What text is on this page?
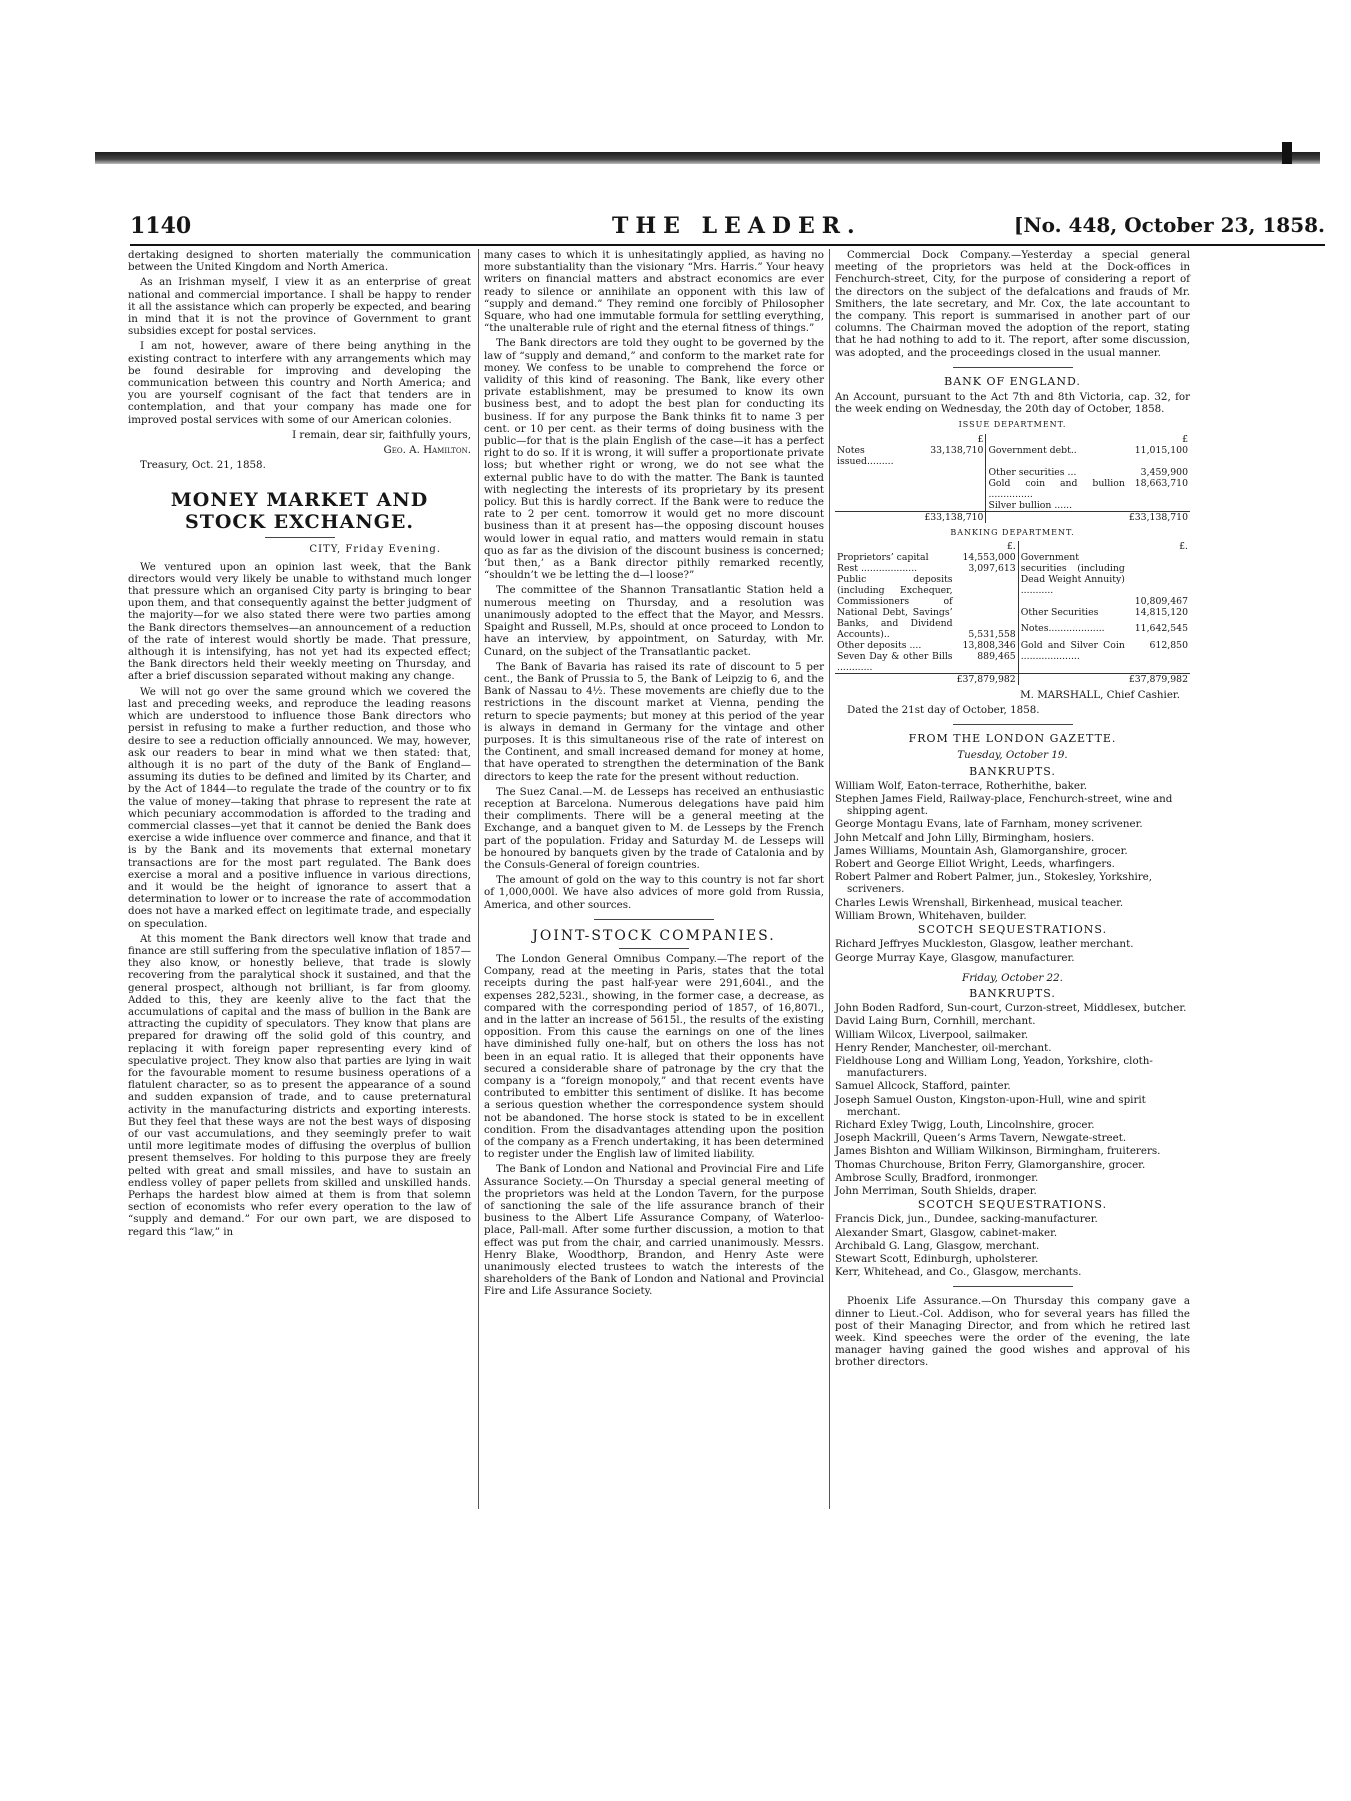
1140	THE LEADER.	[No. 448, October 23, 1858.

dertaking designed to shorten materially the communication between the United Kingdom and North America.

As an Irishman myself, I view it as an enterprise of great national and commercial importance. I shall be happy to render it all the assistance which can properly be expected, and bearing in mind that it is not the province of Government to grant subsidies except for postal services.

I am not, however, aware of there being anything in the existing contract to interfere with any arrangements which may be found desirable for improving and developing the communication between this country and North America; and you are yourself cognisant of the fact that tenders are in contemplation, and that your company has made one for improved postal services with some of our American colonies.

I remain, dear sir, faithfully yours,

Geo. A. Hamilton.

Treasury, Oct. 21, 1858.

MONEY MARKET AND STOCK EXCHANGE.
CITY, Friday Evening.

We ventured upon an opinion last week, that the Bank directors would very likely be unable to withstand much longer that pressure which an organised City party is bringing to bear upon them, and that consequently against the better judgment of the majority—for we also stated there were two parties among the Bank directors themselves—an announcement of a reduction of the rate of interest would shortly be made. That pressure, although it is intensifying, has not yet had its expected effect; the Bank directors held their weekly meeting on Thursday, and after a brief discussion separated without making any change.

We will not go over the same ground which we covered the last and preceding weeks, and reproduce the leading reasons which are understood to influence those Bank directors who persist in refusing to make a further reduction, and those who desire to see a reduction officially announced. We may, however, ask our readers to bear in mind what we then stated: that, although it is no part of the duty of the Bank of England—assuming its duties to be defined and limited by its Charter, and by the Act of 1844—to regulate the trade of the country or to fix the value of money—taking that phrase to represent the rate at which pecuniary accommodation is afforded to the trading and commercial classes—yet that it cannot be denied the Bank does exercise a wide influence over commerce and finance, and that it is by the Bank and its movements that external monetary transactions are for the most part regulated. The Bank does exercise a moral and a positive influence in various directions, and it would be the height of ignorance to assert that a determination to lower or to increase the rate of accommodation does not have a marked effect on legitimate trade, and especially on speculation.

At this moment the Bank directors well know that trade and finance are still suffering from the speculative inflation of 1857—they also know, or honestly believe, that trade is slowly recovering from the paralytical shock it sustained, and that the general prospect, although not brilliant, is far from gloomy. Added to this, they are keenly alive to the fact that the accumulations of capital and the mass of bullion in the Bank are attracting the cupidity of speculators. They know that plans are prepared for drawing off the solid gold of this country, and replacing it with foreign paper representing every kind of speculative project. They know also that parties are lying in wait for the favourable moment to resume business operations of a flatulent character, so as to present the appearance of a sound and sudden expansion of trade, and to cause preternatural activity in the manufacturing districts and exporting interests. But they feel that these ways are not the best ways of disposing of our vast accumulations, and they seemingly prefer to wait until more legitimate modes of diffusing the overplus of bullion present themselves. For holding to this purpose they are freely pelted with great and small missiles, and have to sustain an endless volley of paper pellets from skilled and unskilled hands. Perhaps the hardest blow aimed at them is from that solemn section of economists who refer every operation to the law of “supply and demand.” For our own part, we are disposed to regard this “law,” in

many cases to which it is unhesitatingly applied, as having no more substantiality than the visionary “Mrs. Harris.” Your heavy writers on financial matters and abstract economics are ever ready to silence or annihilate an opponent with this law of “supply and demand.” They remind one forcibly of Philosopher Square, who had one immutable formula for settling everything, “the unalterable rule of right and the eternal fitness of things.”

The Bank directors are told they ought to be governed by the law of “supply and demand,” and conform to the market rate for money. We confess to be unable to comprehend the force or validity of this kind of reasoning. The Bank, like every other private establishment, may be presumed to know its own business best, and to adopt the best plan for conducting its business. If for any purpose the Bank thinks fit to name 3 per cent. or 10 per cent. as their terms of doing business with the public—for that is the plain English of the case—it has a perfect right to do so. If it is wrong, it will suffer a proportionate private loss; but whether right or wrong, we do not see what the external public have to do with the matter. The Bank is taunted with neglecting the interests of its proprietary by its present policy. But this is hardly correct. If the Bank were to reduce the rate to 2 per cent. tomorrow it would get no more discount business than it at present has—the opposing discount houses would lower in equal ratio, and matters would remain in statu quo as far as the division of the discount business is concerned; ‘but then,’ as a Bank director pithily remarked recently, “shouldn’t we be letting the d—l loose?”

The committee of the Shannon Transatlantic Station held a numerous meeting on Thursday, and a resolution was unanimously adopted to the effect that the Mayor, and Messrs. Spaight and Russell, M.P.s, should at once proceed to London to have an interview, by appointment, on Saturday, with Mr. Cunard, on the subject of the Transatlantic packet.

The Bank of Bavaria has raised its rate of discount to 5 per cent., the Bank of Prussia to 5, the Bank of Leipzig to 6, and the Bank of Nassau to 4½. These movements are chiefly due to the restrictions in the discount market at Vienna, pending the return to specie payments; but money at this period of the year is always in demand in Germany for the vintage and other purposes. It is this simultaneous rise of the rate of interest on the Continent, and small increased demand for money at home, that have operated to strengthen the determination of the Bank directors to keep the rate for the present without reduction.

The Suez Canal.—M. de Lesseps has received an enthusiastic reception at Barcelona. Numerous delegations have paid him their compliments. There will be a general meeting at the Exchange, and a banquet given to M. de Lesseps by the French part of the population. Friday and Saturday M. de Lesseps will be honoured by banquets given by the trade of Catalonia and by the Consuls-General of foreign countries.

The amount of gold on the way to this country is not far short of 1,000,000l. We have also advices of more gold from Russia, America, and other sources.

JOINT-STOCK COMPANIES.

The London General Omnibus Company.—The report of the Company, read at the meeting in Paris, states that the total receipts during the past half-year were 291,604l., and the expenses 282,523l., showing, in the former case, a decrease, as compared with the corresponding period of 1857, of 16,807l., and in the latter an increase of 5615l., the results of the existing opposition. From this cause the earnings on one of the lines have diminished fully one-half, but on others the loss has not been in an equal ratio. It is alleged that their opponents have secured a considerable share of patronage by the cry that the company is a “foreign monopoly,” and that recent events have contributed to embitter this sentiment of dislike. It has become a serious question whether the correspondence system should not be abandoned. The horse stock is stated to be in excellent condition. From the disadvantages attending upon the position of the company as a French undertaking, it has been determined to register under the English law of limited liability.

The Bank of London and National and Provincial Fire and Life Assurance Society.—On Thursday a special general meeting of the proprietors was held at the London Tavern, for the purpose of sanctioning the sale of the life assurance branch of their business to the Albert Life Assurance Company, of Waterloo-place, Pall-mall. After some further discussion, a motion to that effect was put from the chair, and carried unanimously. Messrs. Henry Blake, Woodthorp, Brandon, and Henry Aste were unanimously elected trustees to watch the interests of the shareholders of the Bank of London and National and Provincial Fire and Life Assurance Society.

Commercial Dock Company.—Yesterday a special general meeting of the proprietors was held at the Dock-offices in Fenchurch-street, City, for the purpose of considering a report of the directors on the subject of the defalcations and frauds of Mr. Smithers, the late secretary, and Mr. Cox, the late accountant to the company. This report is summarised in another part of our columns. The Chairman moved the adoption of the report, stating that he had nothing to add to it. The report, after some discussion, was adopted, and the proceedings closed in the usual manner.

BANK OF ENGLAND.

An Account, pursuant to the Act 7th and 8th Victoria, cap. 32, for the week ending on Wednesday, the 20th day of October, 1858.

ISSUE DEPARTMENT.
	£		£
Notes issued.........	33,138,710	Government debt..	11,015,100
		Other securities ...	3,459,900
		Gold coin and bullion ...............	18,663,710
		Silver bullion ......	
	£33,138,710		£33,138,710
BANKING DEPARTMENT.
	£.		£.
Proprietors’ capital	14,553,000	Government securities (including Dead Weight Annuity) ...........	10,809,467
Rest ...................	3,097,613		
Public deposits (including Exchequer, Commissioners of National Debt, Savings’ Banks, and Dividend Accounts)..	5,531,558		
		Other Securities	14,815,120
		Notes...................	11,642,545
Other deposits ....	13,808,346	Gold and Silver Coin ....................	612,850
Seven Day & other Bills ............	889,465		
	£37,879,982		£37,879,982

M. MARSHALL, Chief Cashier.

Dated the 21st day of October, 1858.

FROM THE LONDON GAZETTE.
Tuesday, October 19.
BANKRUPTS.
William Wolf, Eaton-terrace, Rotherhithe, baker.
Stephen James Field, Railway-place, Fenchurch-street, wine and shipping agent.
George Montagu Evans, late of Farnham, money scrivener.
John Metcalf and John Lilly, Birmingham, hosiers.
James Williams, Mountain Ash, Glamorganshire, grocer.
Robert and George Elliot Wright, Leeds, wharfingers.
Robert Palmer and Robert Palmer, jun., Stokesley, Yorkshire, scriveners.
Charles Lewis Wrenshall, Birkenhead, musical teacher.
William Brown, Whitehaven, builder.
SCOTCH SEQUESTRATIONS.
Richard Jeffryes Muckleston, Glasgow, leather merchant.
George Murray Kaye, Glasgow, manufacturer.
Friday, October 22.
BANKRUPTS.
John Boden Radford, Sun-court, Curzon-street, Middlesex, butcher.
David Laing Burn, Cornhill, merchant.
William Wilcox, Liverpool, sailmaker.
Henry Render, Manchester, oil-merchant.
Fieldhouse Long and William Long, Yeadon, Yorkshire, cloth-manufacturers.
Samuel Allcock, Stafford, painter.
Joseph Samuel Ouston, Kingston-upon-Hull, wine and spirit merchant.
Richard Exley Twigg, Louth, Lincolnshire, grocer.
Joseph Mackrill, Queen’s Arms Tavern, Newgate-street.
James Bishton and William Wilkinson, Birmingham, fruiterers.
Thomas Churchouse, Briton Ferry, Glamorganshire, grocer.
Ambrose Scully, Bradford, ironmonger.
John Merriman, South Shields, draper.
SCOTCH SEQUESTRATIONS.
Francis Dick, jun., Dundee, sacking-manufacturer.
Alexander Smart, Glasgow, cabinet-maker.
Archibald G. Lang, Glasgow, merchant.
Stewart Scott, Edinburgh, upholsterer.
Kerr, Whitehead, and Co., Glasgow, merchants.

Phoenix Life Assurance.—On Thursday this company gave a dinner to Lieut.-Col. Addison, who for several years has filled the post of their Managing Director, and from which he retired last week. Kind speeches were the order of the evening, the late manager having gained the good wishes and approval of his brother directors.
